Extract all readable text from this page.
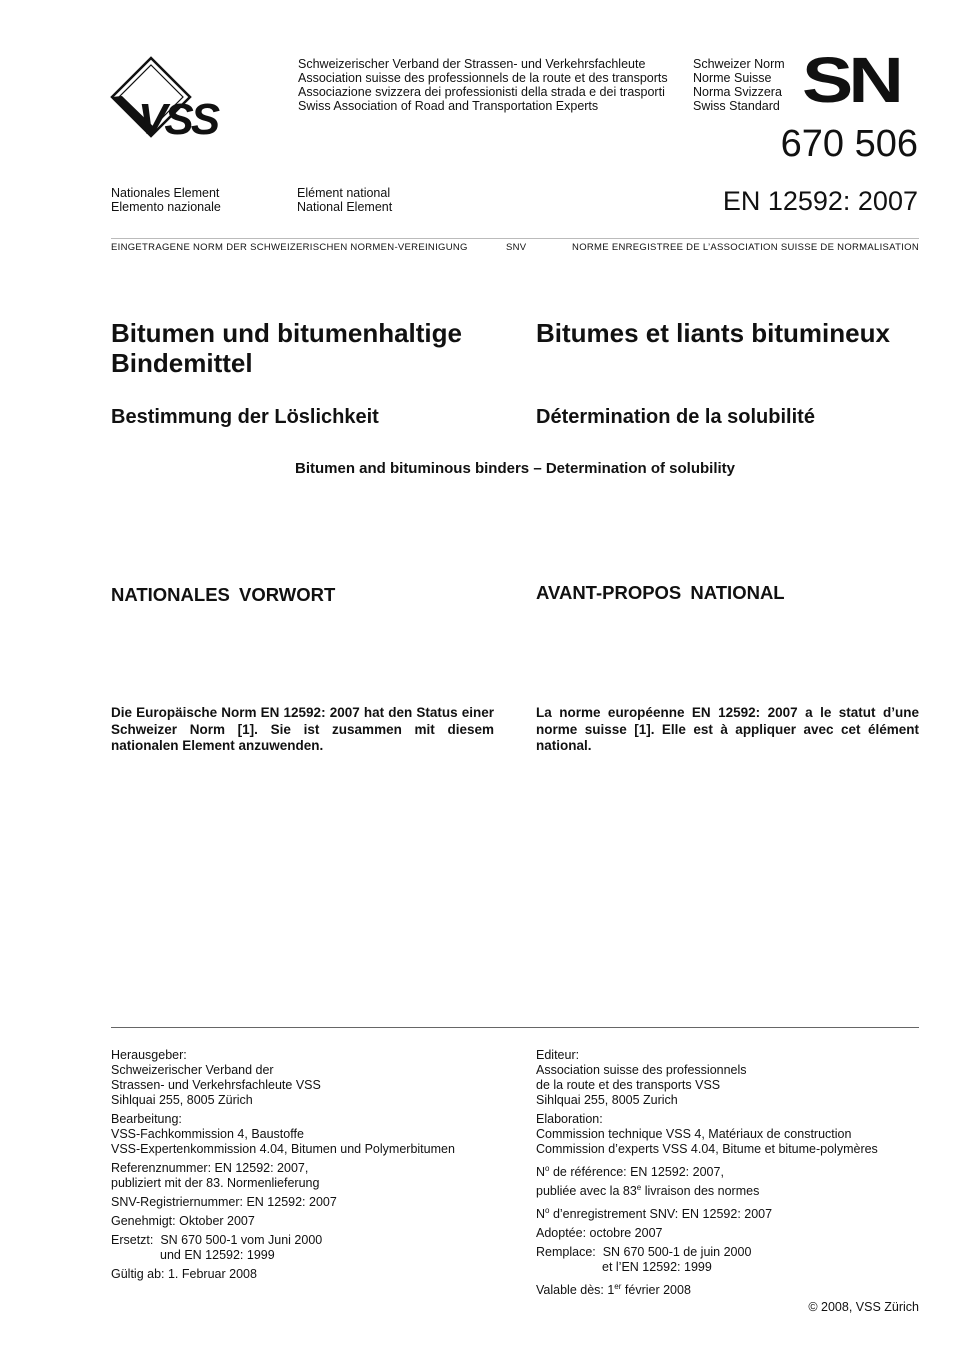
VSS
Schweizerischer Verband der Strassen- und Verkehrsfachleute
Association suisse des professionnels de la route et des transports
Associazione svizzera dei professionisti della strada e dei trasporti
Swiss Association of Road and Transportation Experts
Schweizer Norm
Norme Suisse
Norma Svizzera
Swiss Standard SN
670 506
EN 12592: 2007
Nationales Element
Elemento nazionale
Elément national
National Element
EINGETRAGENE NORM DER SCHWEIZERISCHEN NORMEN-VEREINIGUNG	SNV	NORME ENREGISTREE DE L’ASSOCIATION SUISSE DE NORMALISATION
Bitumen und bitumenhaltige Bindemittel
Bitumes et liants bitumineux
Bestimmung der Löslichkeit	Détermination de la solubilité
Bitumen and bituminous binders – Determination of solubility
NATIONALES VORWORT	AVANT-PROPOS NATIONAL
Die Europäische Norm EN 12592: 2007 hat den Status einer Schweizer Norm [1]. Sie ist zusammen mit diesem nationalen Element anzuwenden.
La norme européenne EN 12592: 2007 a le statut d’une norme suisse [1]. Elle est à appliquer avec cet élément national.
Herausgeber:
Schweizerischer Verband der
Strassen- und Verkehrsfachleute VSS
Sihlquai 255, 8005 Zürich
Bearbeitung:
VSS-Fachkommission 4, Baustoffe
VSS-Expertenkommission 4.04, Bitumen und Polymerbitumen
Referenznummer: EN 12592: 2007,
publiziert mit der 83. Normenlieferung
SNV-Registriernummer: EN 12592: 2007
Genehmigt: Oktober 2007
Ersetzt:  SN 670 500-1 vom Juni 2000
und EN 12592: 1999
Gültig ab: 1. Februar 2008
Editeur:
Association suisse des professionnels
de la route et des transports VSS
Sihlquai 255, 8005 Zurich
Elaboration:
Commission technique VSS 4, Matériaux de construction
Commission d’experts VSS 4.04, Bitume et bitume-polymères
$N^o$ de référence: EN 12592: 2007,
publiée avec la 83e livraison des normes
$N^o$ d’enregistrement SNV: EN 12592: 2007
Adoptée: octobre 2007
Remplace:  SN 670 500-1 de juin 2000
et l’EN 12592: 1999
Valable dès: 1er février 2008
© 2008, VSS Zürich
